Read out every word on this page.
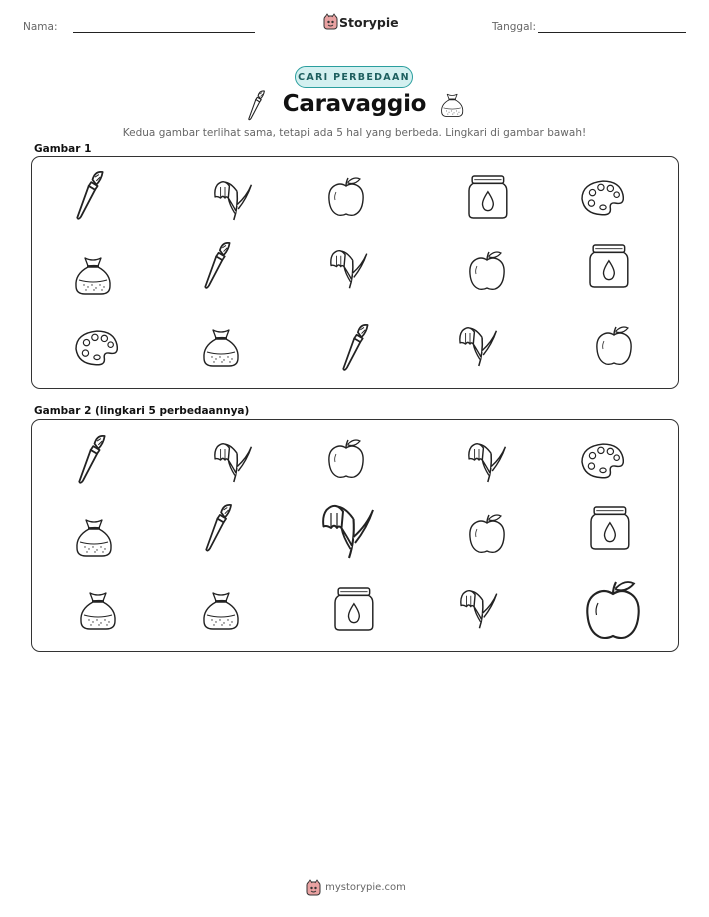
Nama:	Storypie	Tanggal:
CARI PERBEDAAN
Caravaggio
Kedua gambar terlihat sama, tetapi ada 5 hal yang berbeda. Lingkari di gambar bawah!
Gambar 1
Gambar 2 (lingkari 5 perbedaannya)
mystorypie.com
